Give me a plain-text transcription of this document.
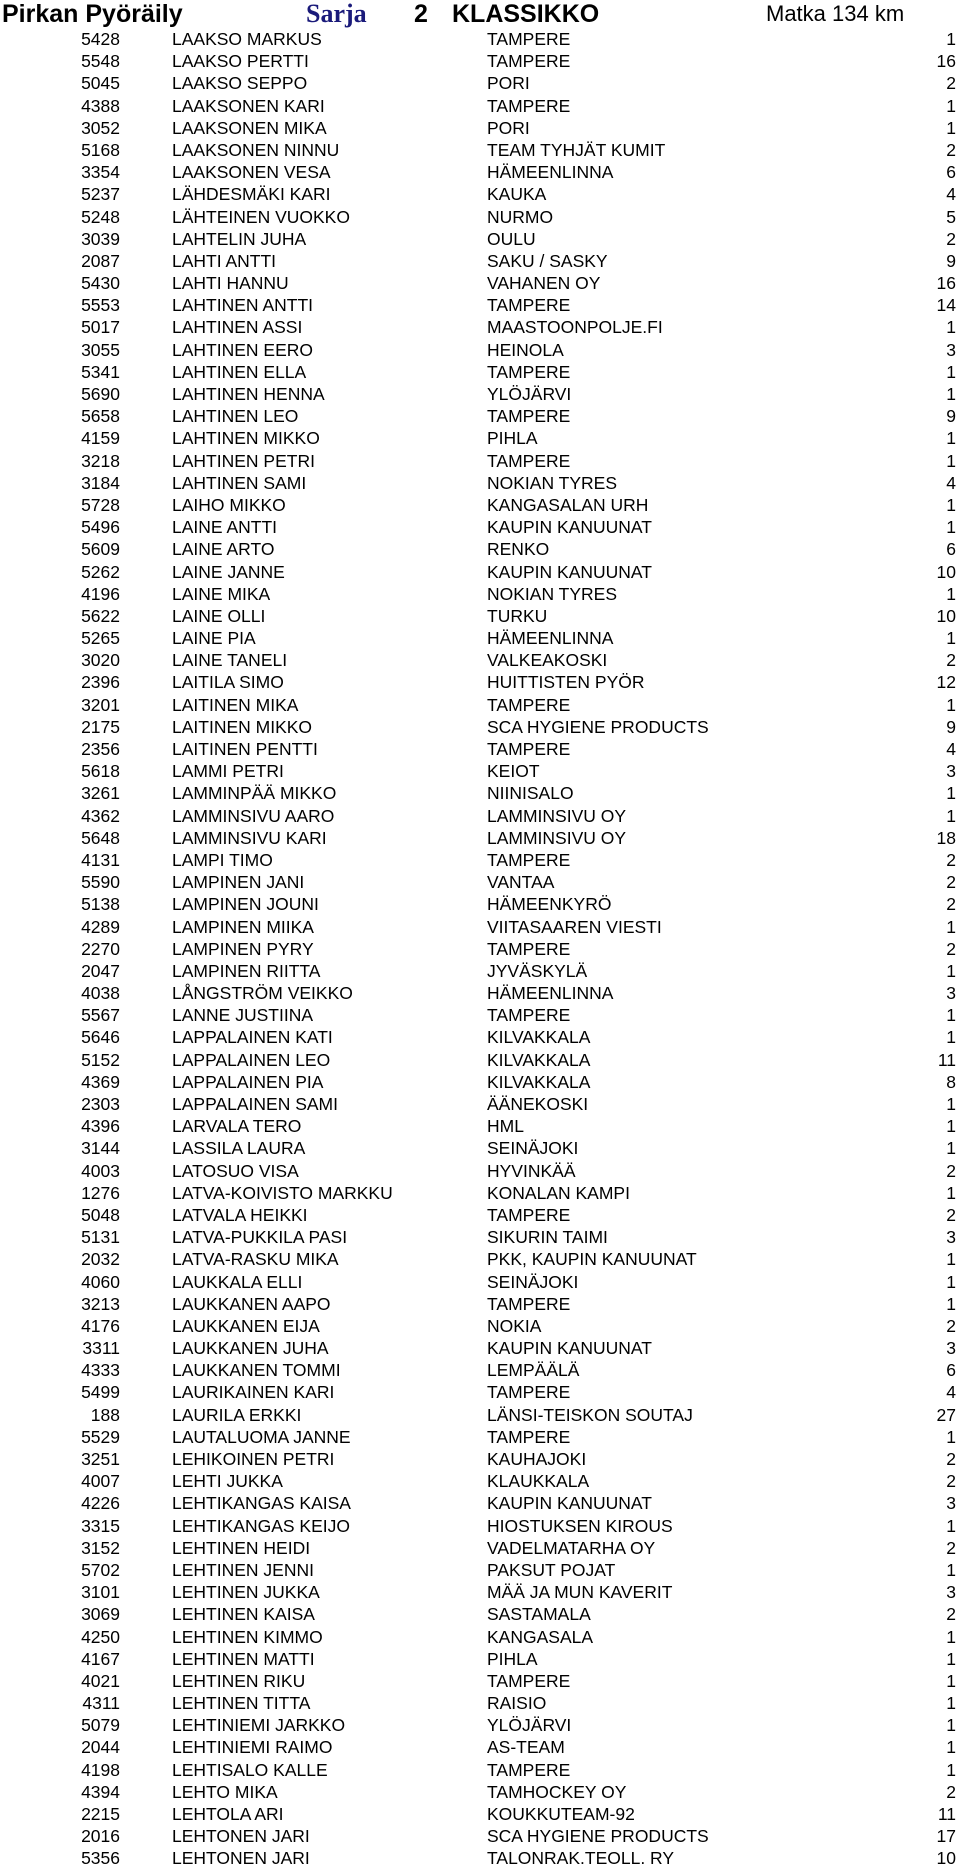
Pirkan Pyöräily	Sarja 2 KLASSIKKO	Matka 134 km
5428	LAAKSO MARKUS	TAMPERE	1
5548	LAAKSO PERTTI	TAMPERE	16
5045	LAAKSO SEPPO	PORI	2
4388	LAAKSONEN KARI	TAMPERE	1
3052	LAAKSONEN MIKA	PORI	1
5168	LAAKSONEN NINNU	TEAM TYHJÄT KUMIT	2
3354	LAAKSONEN VESA	HÄMEENLINNA	6
5237	LÄHDESMÄKI KARI	KAUKA	4
5248	LÄHTEINEN VUOKKO	NURMO	5
3039	LAHTELIN JUHA	OULU	2
2087	LAHTI ANTTI	SAKU / SASKY	9
5430	LAHTI HANNU	VAHANEN OY	16
5553	LAHTINEN ANTTI	TAMPERE	14
5017	LAHTINEN ASSI	MAASTOONPOLJE.FI	1
3055	LAHTINEN EERO	HEINOLA	3
5341	LAHTINEN ELLA	TAMPERE	1
5690	LAHTINEN HENNA	YLÖJÄRVI	1
5658	LAHTINEN LEO	TAMPERE	9
4159	LAHTINEN MIKKO	PIHLA	1
3218	LAHTINEN PETRI	TAMPERE	1
3184	LAHTINEN SAMI	NOKIAN TYRES	4
5728	LAIHO MIKKO	KANGASALAN URH	1
5496	LAINE ANTTI	KAUPIN KANUUNAT	1
5609	LAINE ARTO	RENKO	6
5262	LAINE JANNE	KAUPIN KANUUNAT	10
4196	LAINE MIKA	NOKIAN TYRES	1
5622	LAINE OLLI	TURKU	10
5265	LAINE PIA	HÄMEENLINNA	1
3020	LAINE TANELI	VALKEAKOSKI	2
2396	LAITILA SIMO	HUITTISTEN PYÖR	12
3201	LAITINEN MIKA	TAMPERE	1
2175	LAITINEN MIKKO	SCA HYGIENE PRODUCTS	9
2356	LAITINEN PENTTI	TAMPERE	4
5618	LAMMI PETRI	KEIOT	3
3261	LAMMINPÄÄ MIKKO	NIINISALO	1
4362	LAMMINSIVU AARO	LAMMINSIVU OY	1
5648	LAMMINSIVU KARI	LAMMINSIVU OY	18
4131	LAMPI TIMO	TAMPERE	2
5590	LAMPINEN JANI	VANTAA	2
5138	LAMPINEN JOUNI	HÄMEENKYRÖ	2
4289	LAMPINEN MIIKA	VIITASAAREN VIESTI	1
2270	LAMPINEN PYRY	TAMPERE	2
2047	LAMPINEN RIITTA	JYVÄSKYLÄ	1
4038	LÅNGSTRÖM VEIKKO	HÄMEENLINNA	3
5567	LANNE JUSTIINA	TAMPERE	1
5646	LAPPALAINEN KATI	KILVAKKALA	1
5152	LAPPALAINEN LEO	KILVAKKALA	11
4369	LAPPALAINEN PIA	KILVAKKALA	8
2303	LAPPALAINEN SAMI	ÄÄNEKOSKI	1
4396	LARVALA TERO	HML	1
3144	LASSILA LAURA	SEINÄJOKI	1
4003	LATOSUO VISA	HYVINKÄÄ	2
1276	LATVA-KOIVISTO MARKKU	KONALAN KAMPI	1
5048	LATVALA HEIKKI	TAMPERE	2
5131	LATVA-PUKKILA PASI	SIKURIN TAIMI	3
2032	LATVA-RASKU MIKA	PKK, KAUPIN KANUUNAT	1
4060	LAUKKALA ELLI	SEINÄJOKI	1
3213	LAUKKANEN AAPO	TAMPERE	1
4176	LAUKKANEN EIJA	NOKIA	2
3311	LAUKKANEN JUHA	KAUPIN KANUUNAT	3
4333	LAUKKANEN TOMMI	LEMPÄÄLÄ	6
5499	LAURIKAINEN KARI	TAMPERE	4
188	LAURILA ERKKI	LÄNSI-TEISKON SOUTAJ	27
5529	LAUTALUOMA JANNE	TAMPERE	1
3251	LEHIKOINEN PETRI	KAUHAJOKI	2
4007	LEHTI JUKKA	KLAUKKALA	2
4226	LEHTIKANGAS KAISA	KAUPIN KANUUNAT	3
3315	LEHTIKANGAS KEIJO	HIOSTUKSEN KIROUS	1
3152	LEHTINEN HEIDI	VADELMATARHA OY	2
5702	LEHTINEN JENNI	PAKSUT POJAT	1
3101	LEHTINEN JUKKA	MÄÄ JA MUN KAVERIT	3
3069	LEHTINEN KAISA	SASTAMALA	2
4250	LEHTINEN KIMMO	KANGASALA	1
4167	LEHTINEN MATTI	PIHLA	1
4021	LEHTINEN RIKU	TAMPERE	1
4311	LEHTINEN TITTA	RAISIO	1
5079	LEHTINIEMI JARKKO	YLÖJÄRVI	1
2044	LEHTINIEMI RAIMO	AS-TEAM	1
4198	LEHTISALO KALLE	TAMPERE	1
4394	LEHTO MIKA	TAMHOCKEY OY	2
2215	LEHTOLA ARI	KOUKKUTEAM-92	11
2016	LEHTONEN JARI	SCA HYGIENE PRODUCTS	17
5356	LEHTONEN JARI	TALONRAK.TEOLL. RY	10
